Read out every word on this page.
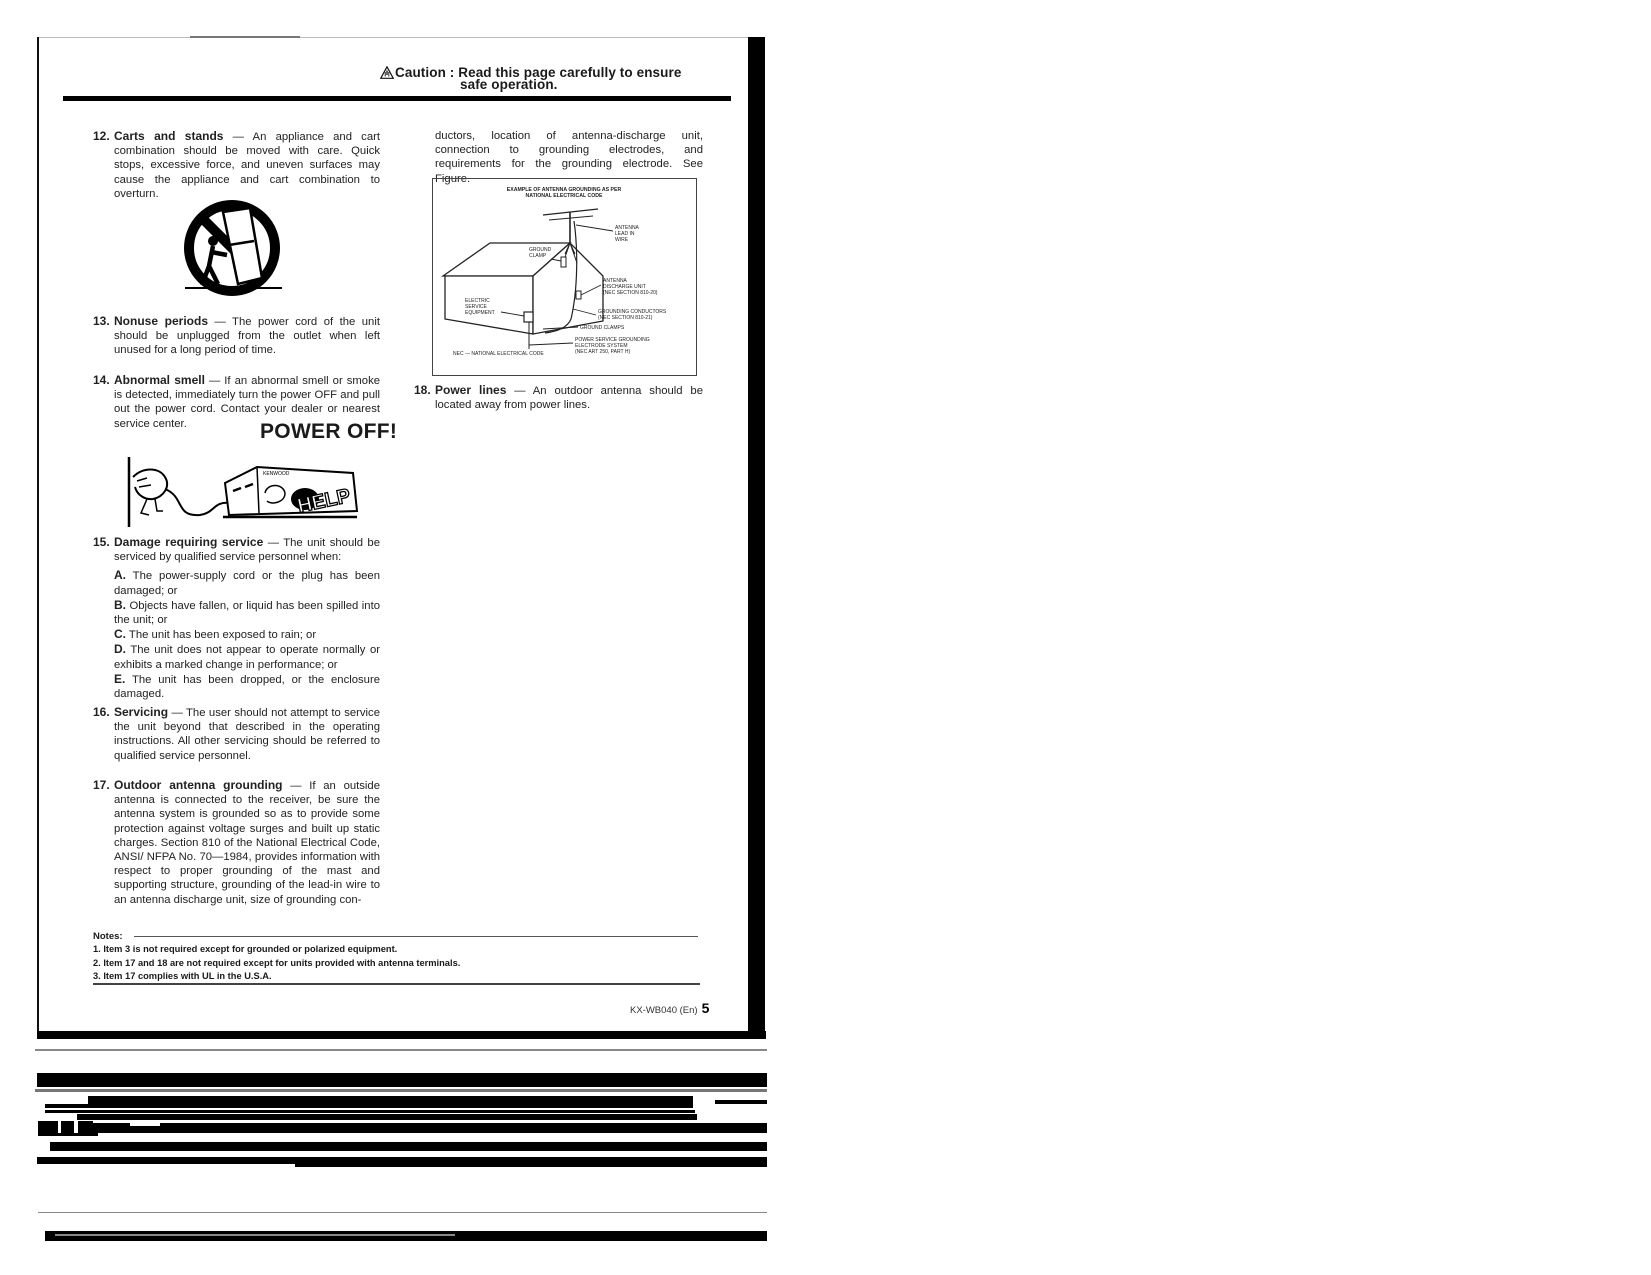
Caution : Read this page carefully to ensure
safe operation.
12. Carts and stands — An appliance and cart combination should be moved with care. Quick stops, excessive force, and uneven surfaces may cause the appliance and cart combination to overturn.
13. Nonuse periods — The power cord of the unit should be unplugged from the outlet when left unused for a long period of time.
14. Abnormal smell — If an abnormal smell or smoke is detected, immediately turn the power OFF and pull out the power cord. Contact your dealer or nearest service center.	POWER OFF!
KENWOOD
HELP
15. Damage requiring service — The unit should be serviced by qualified service personnel when:
A. The power-supply cord or the plug has been damaged; or
B. Objects have fallen, or liquid has been spilled into the unit; or
C. The unit has been exposed to rain; or
D. The unit does not appear to operate normally or exhibits a marked change in performance; or
E. The unit has been dropped, or the enclosure damaged.
16. Servicing — The user should not attempt to service the unit beyond that described in the operating instructions. All other servicing should be referred to qualified service personnel.
17. Outdoor antenna grounding — If an outside antenna is connected to the receiver, be sure the antenna system is grounded so as to provide some protection against voltage surges and built up static charges. Section 810 of the National Electrical Code, ANSI/ NFPA No. 70—1984, provides information with respect to proper grounding of the mast and supporting structure, grounding of the lead-in wire to an antenna discharge unit, size of grounding con-
ductors, location of antenna-discharge unit, connection to grounding electrodes, and requirements for the grounding electrode. See Figure.
18. Power lines — An outdoor antenna should be located away from power lines.
EXAMPLE OF ANTENNA GROUNDING AS PER
NATIONAL ELECTRICAL CODE
ANTENNA
LEAD IN
WIRE
GROUND
CLAMP
ANTENNA
DISCHARGE UNIT
(NEC SECTION 810-20)
ELECTRIC
SERVICE
EQUIPMENT	GROUNDING CONDUCTORS
(NEC SECTION 810-21)
GROUND CLAMPS
POWER SERVICE GROUNDING
ELECTRODE SYSTEM
(NEC ART 250, PART H)
NEC — NATIONAL ELECTRICAL CODE
Notes:
1. Item 3 is not required except for grounded or polarized equipment.
2. Item 17 and 18 are not required except for units provided with antenna terminals.
3. Item 17 complies with UL in the U.S.A.
KX-WB040 (En) 5
